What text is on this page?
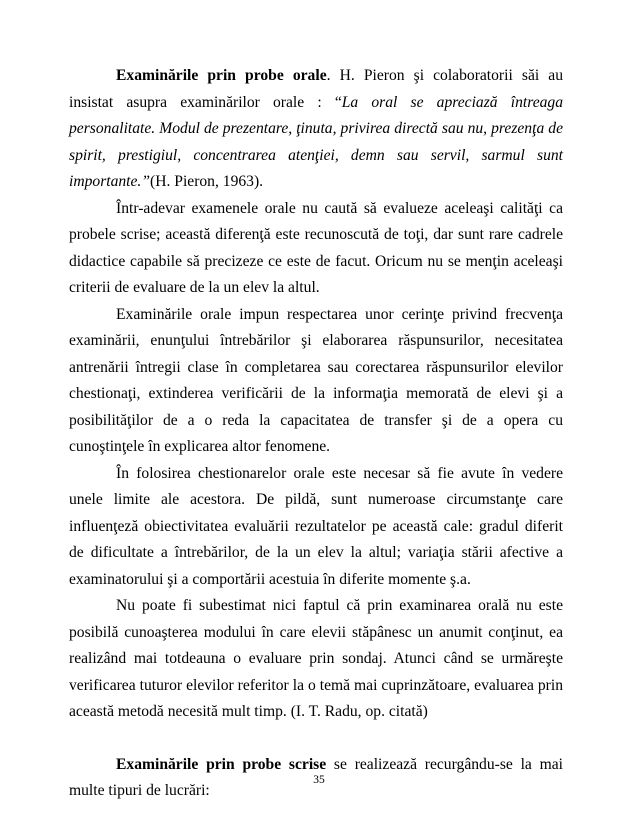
Examinările prin probe orale. H. Pieron şi colaboratorii săi au insistat asupra examinărilor orale : “La oral se apreciază întreaga personalitate. Modul de prezentare, ţinuta, privirea directă sau nu, prezenţa de spirit, prestigiul, concentrarea atenţiei, demn sau servil, sarmul sunt importante.”(H. Pieron, 1963).

Într-adevar examenele orale nu caută să evalueze aceleaşi calităţi ca probele scrise; această diferenţă este recunoscută de toţi, dar sunt rare cadrele didactice capabile să precizeze ce este de facut. Oricum nu se menţin aceleaşi criterii de evaluare de la un elev la altul.

Examinările orale impun respectarea unor cerinţe privind frecvenţa examinării, enunţului întrebărilor şi elaborarea răspunsurilor, necesitatea antrenării întregii clase în completarea sau corectarea răspunsurilor elevilor chestionaţi, extinderea verificării de la informaţia memorată de elevi şi a posibilităţilor de a o reda la capacitatea de transfer şi de a opera cu cunoştinţele în explicarea altor fenomene.

În folosirea chestionarelor orale este necesar să fie avute în vedere unele limite ale acestora. De pildă, sunt numeroase circumstanţe care influenţeză obiectivitatea evaluării rezultatelor pe această cale: gradul diferit de dificultate a întrebărilor, de la un elev la altul; variaţia stării afective a examinatorului şi a comportării acestuia în diferite momente ş.a.

Nu poate fi subestimat nici faptul că prin examinarea orală nu este posibilă cunoaşterea modului în care elevii stăpânesc un anumit conţinut, ea realizând mai totdeauna o evaluare prin sondaj. Atunci când se urmăreşte verificarea tuturor elevilor referitor la o temă mai cuprinzătoare, evaluarea prin această metodă necesită mult timp. (I. T. Radu, op. citată)

Examinările prin probe scrise se realizează recurgându-se la mai multe tipuri de lucrări:

35
